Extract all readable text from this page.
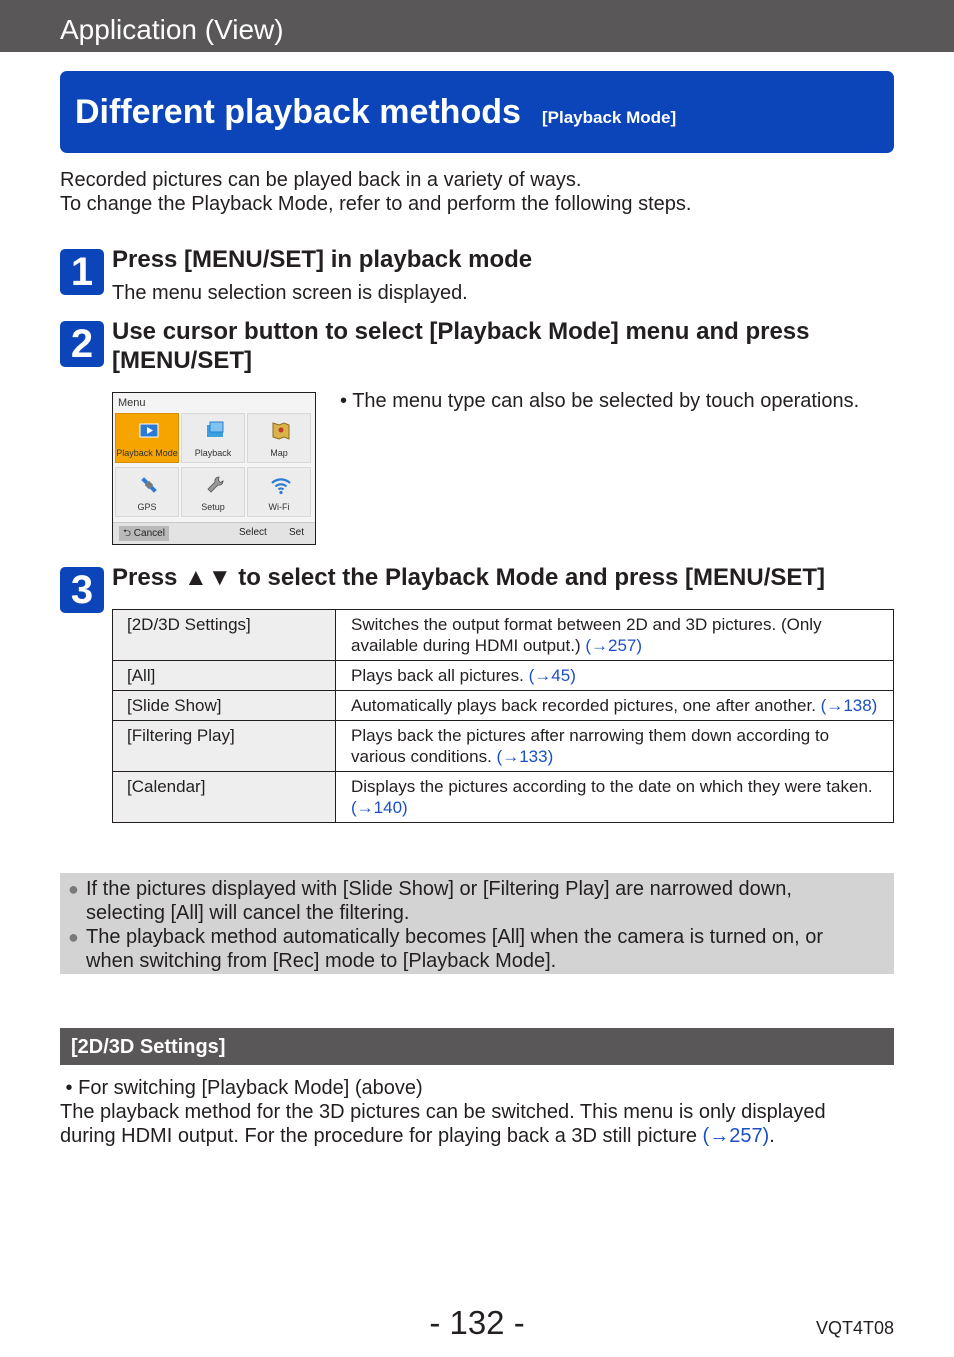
Application (View)
Different playback methods [Playback Mode]
Recorded pictures can be played back in a variety of ways.
To change the Playback Mode, refer to and perform the following steps.
1 Press [MENU/SET] in playback mode
The menu selection screen is displayed.
2 Use cursor button to select [Playback Mode] menu and press
[MENU/SET]
Menu
Playback Mode	Playback	Map
GPS	Setup	Wi-Fi
⮌ Cancel	Select Set
• The menu type can also be selected by touch operations.
3 Press ▲▼ to select the Playback Mode and press [MENU/SET]
[2D/3D Settings]	Switches the output format between 2D and 3D pictures. (Only available during HDMI output.) (→257)
[All]	Plays back all pictures. (→45)
[Slide Show]	Automatically plays back recorded pictures, one after another. (→138)
[Filtering Play]	Plays back the pictures after narrowing them down according to various conditions. (→133)
[Calendar]	Displays the pictures according to the date on which they were taken. (→140)
● If the pictures displayed with [Slide Show] or [Filtering Play] are narrowed down,
selecting [All] will cancel the filtering.
● The playback method automatically becomes [All] when the camera is turned on, or
when switching from [Rec] mode to [Playback Mode].
[2D/3D Settings]
• For switching [Playback Mode] (above)
The playback method for the 3D pictures can be switched. This menu is only displayed
during HDMI output. For the procedure for playing back a 3D still picture (→257).
- 132 -	VQT4T08
